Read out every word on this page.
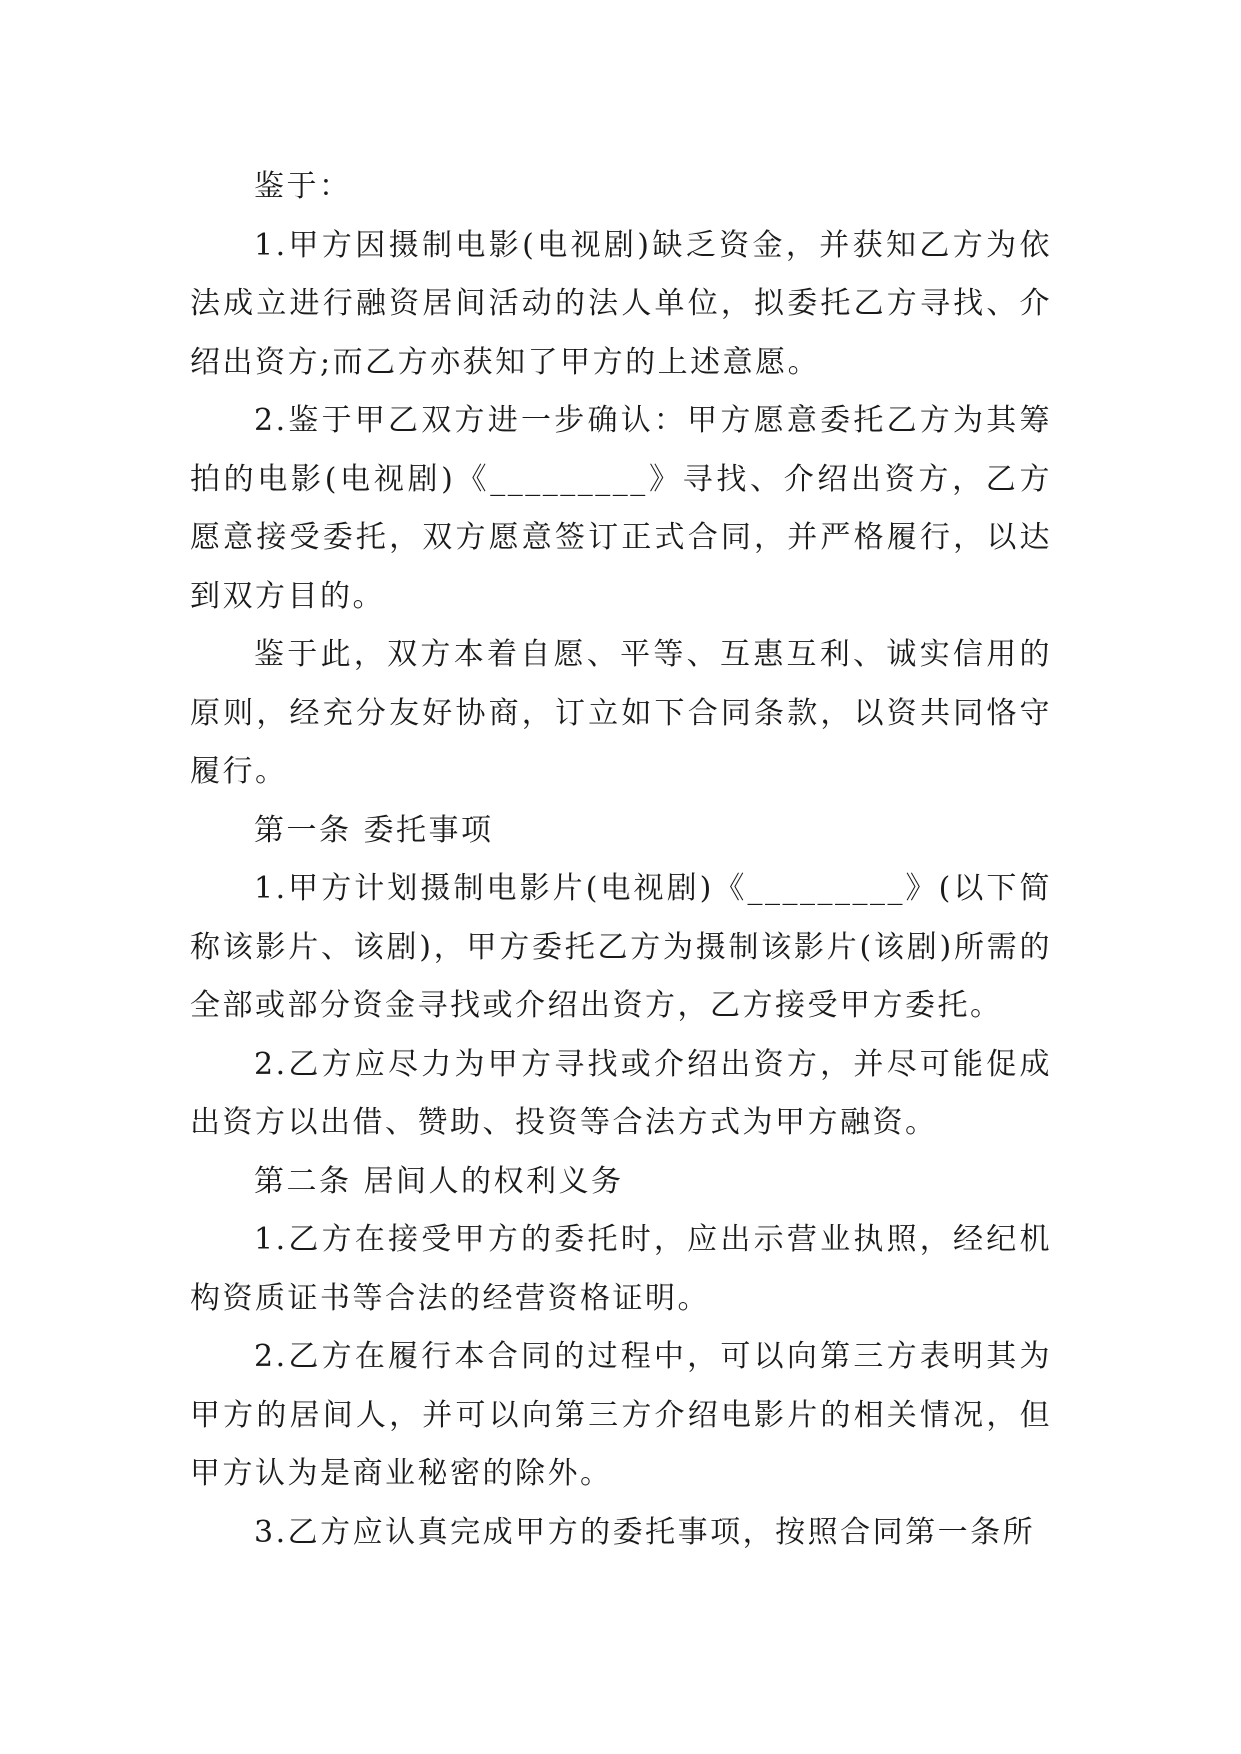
鉴于：

1.甲方因摄制电影(电视剧)缺乏资金，并获知乙方为依法成立进行融资居间活动的法人单位，拟委托乙方寻找、介绍出资方;而乙方亦获知了甲方的上述意愿。

2.鉴于甲乙双方进一步确认：甲方愿意委托乙方为其筹拍的电影(电视剧)《_________》寻找、介绍出资方，乙方愿意接受委托，双方愿意签订正式合同，并严格履行，以达到双方目的。

鉴于此，双方本着自愿、平等、互惠互利、诚实信用的原则，经充分友好协商，订立如下合同条款，以资共同恪守履行。

第一条 委托事项

1.甲方计划摄制电影片(电视剧)《_________》(以下简称该影片、该剧)，甲方委托乙方为摄制该影片(该剧)所需的全部或部分资金寻找或介绍出资方，乙方接受甲方委托。

2.乙方应尽力为甲方寻找或介绍出资方，并尽可能促成出资方以出借、赞助、投资等合法方式为甲方融资。

第二条 居间人的权利义务

1.乙方在接受甲方的委托时，应出示营业执照，经纪机构资质证书等合法的经营资格证明。

2.乙方在履行本合同的过程中，可以向第三方表明其为甲方的居间人，并可以向第三方介绍电影片的相关情况，但甲方认为是商业秘密的除外。

3.乙方应认真完成甲方的委托事项，按照合同第一条所
